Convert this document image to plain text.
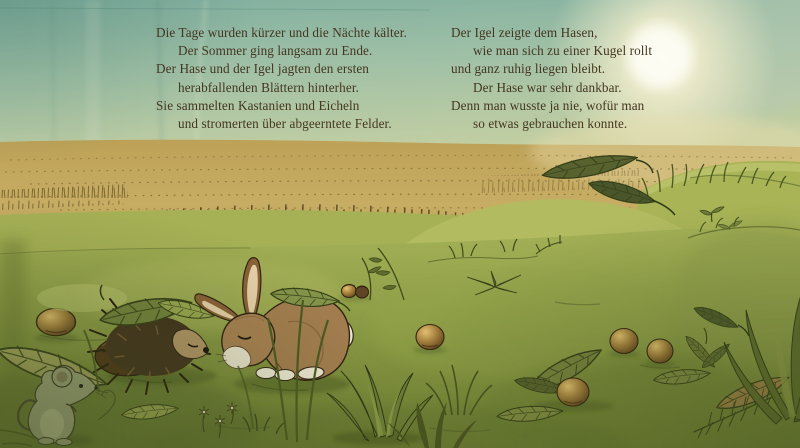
Die Tage wurden kürzer und die Nächte kälter.
Der Sommer ging langsam zu Ende.
Der Hase und der Igel jagten den ersten
herabfallenden Blättern hinterher.
Sie sammelten Kastanien und Eicheln
und stromerten über abgeerntete Felder.
Der Igel zeigte dem Hasen,
wie man sich zu einer Kugel rollt
und ganz ruhig liegen bleibt.
Der Hase war sehr dankbar.
Denn man wusste ja nie, wofür man
so etwas gebrauchen konnte.
